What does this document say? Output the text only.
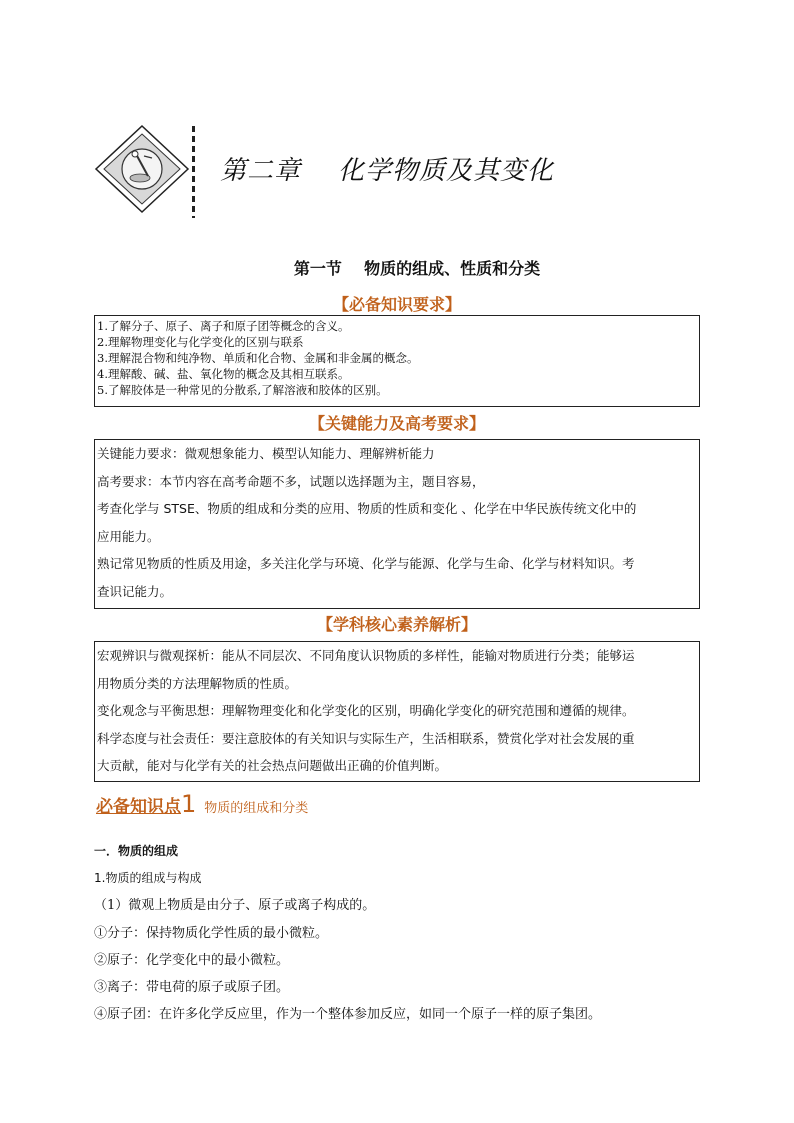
第二章    化学物质及其变化
第一节    物质的组成、性质和分类
【必备知识要求】
1.了解分子、原子、离子和原子团等概念的含义。
2.理解物理变化与化学变化的区别与联系
3.理解混合物和纯净物、单质和化合物、金属和非金属的概念。
4.理解酸、碱、盐、氧化物的概念及其相互联系。
5.了解胶体是一种常见的分散系,了解溶液和胶体的区别。
【关键能力及高考要求】
关键能力要求：微观想象能力、模型认知能力、理解辨析能力
高考要求：本节内容在高考命题不多，试题以选择题为主，题目容易，
考查化学与 STSE、物质的组成和分类的应用、物质的性质和变化 、化学在中华民族传统文化中的
应用能力。
熟记常见物质的性质及用途，多关注化学与环境、化学与能源、化学与生命、化学与材料知识。考
查识记能力。
【学科核心素养解析】
宏观辨识与微观探析：能从不同层次、不同角度认识物质的多样性，能输对物质进行分类；能够运
用物质分类的方法理解物质的性质。
变化观念与平衡思想：理解物理变化和化学变化的区别，明确化学变化的研究范围和遵循的规律。
科学态度与社会责任：要注意胶体的有关知识与实际生产，生活相联系，赞赏化学对社会发展的重
大贡献，能对与化学有关的社会热点问题做出正确的价值判断。
必备知识点1 物质的组成和分类
一．物质的组成
1.物质的组成与构成
（1）微观上物质是由分子、原子或离子构成的。
①分子：保持物质化学性质的最小微粒。
②原子：化学变化中的最小微粒。
③离子：带电荷的原子或原子团。
④原子团：在许多化学反应里，作为一个整体参加反应，如同一个原子一样的原子集团。
